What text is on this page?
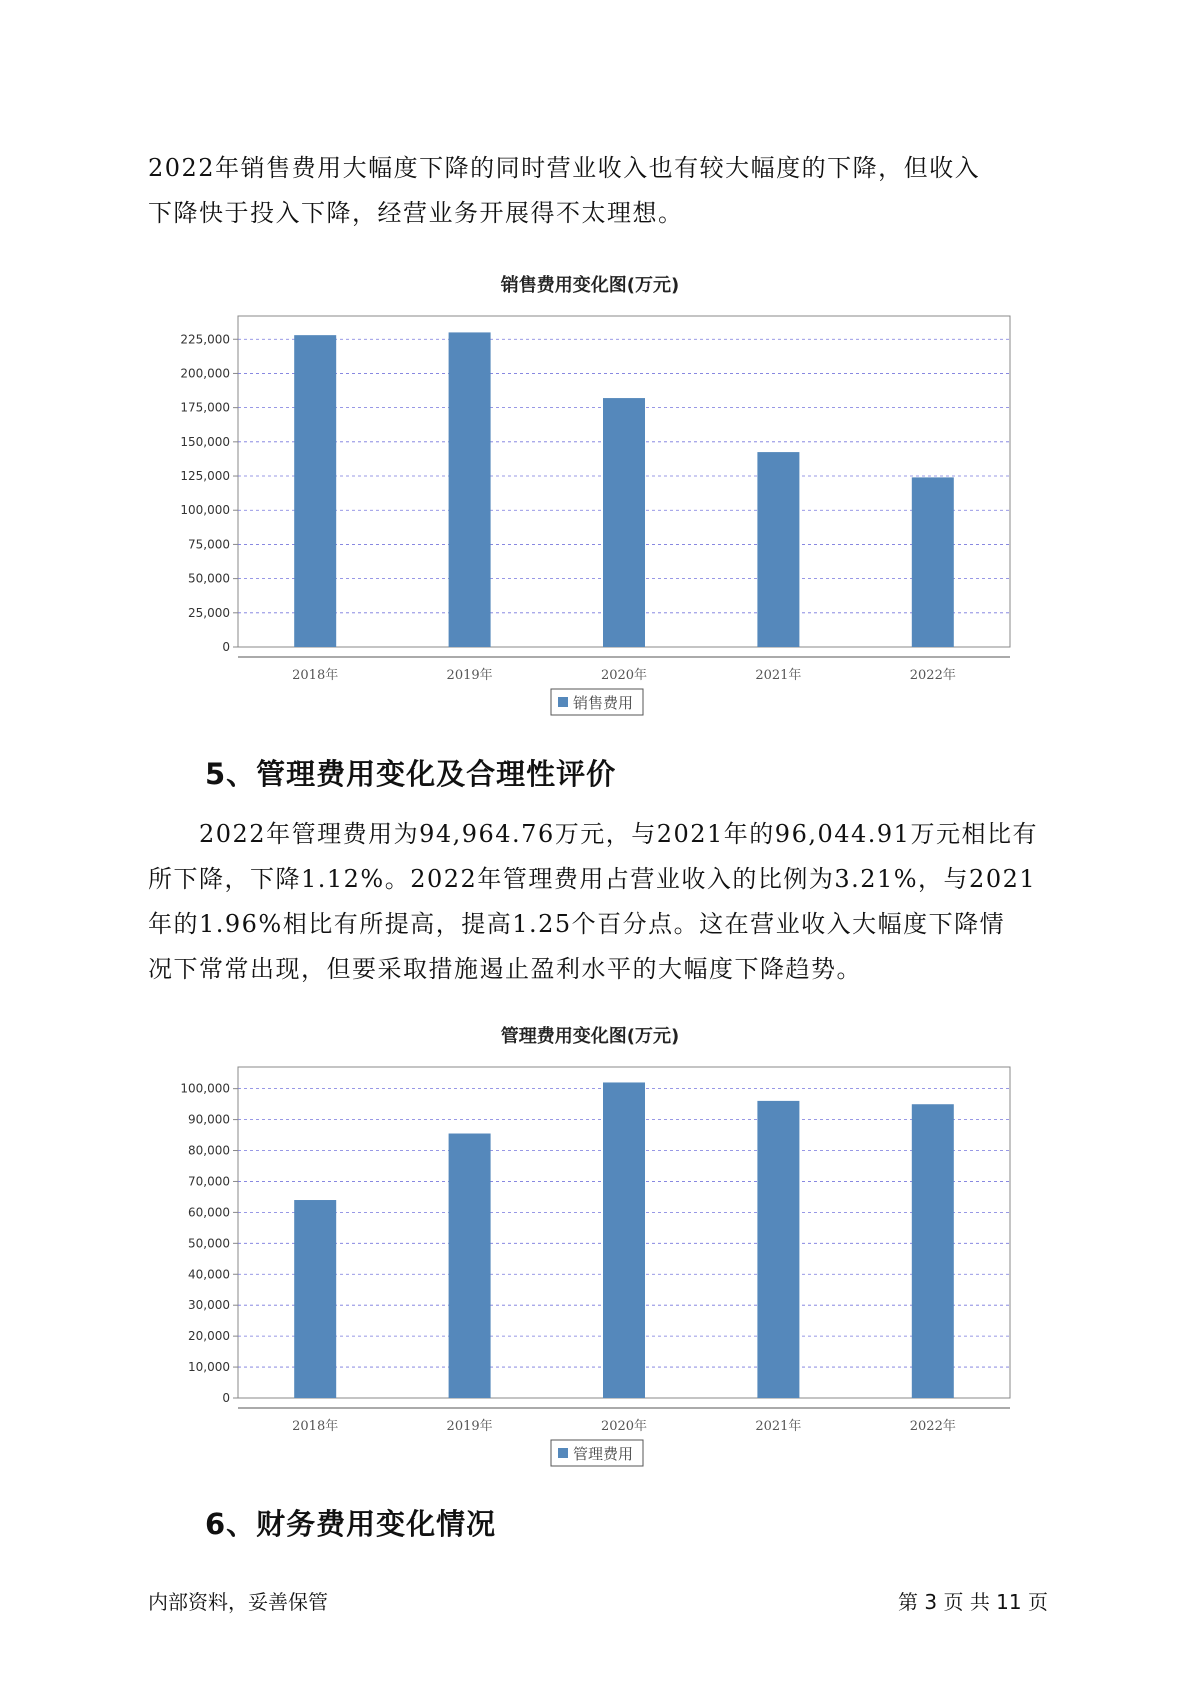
2022年销售费用大幅度下降的同时营业收入也有较大幅度的下降，但收入
下降快于投入下降，经营业务开展得不太理想。
销售费用变化图(万元)
0
25,000
50,000
75,000
100,000
125,000
150,000
175,000
200,000
225,000
2018年	2019年	2020年	2021年	2022年
销售费用
5、管理费用变化及合理性评价
　　2022年管理费用为94,964.76万元，与2021年的96,044.91万元相比有
所下降，下降1.12%。2022年管理费用占营业收入的比例为3.21%，与2021
年的1.96%相比有所提高，提高1.25个百分点。这在营业收入大幅度下降情
况下常常出现，但要采取措施遏止盈利水平的大幅度下降趋势。
管理费用变化图(万元)
0
10,000
20,000
30,000
40,000
50,000
60,000
70,000
80,000
90,000
100,000
2018年	2019年	2020年	2021年	2022年
管理费用
6、财务费用变化情况
内部资料，妥善保管	第 3 页 共 11 页
